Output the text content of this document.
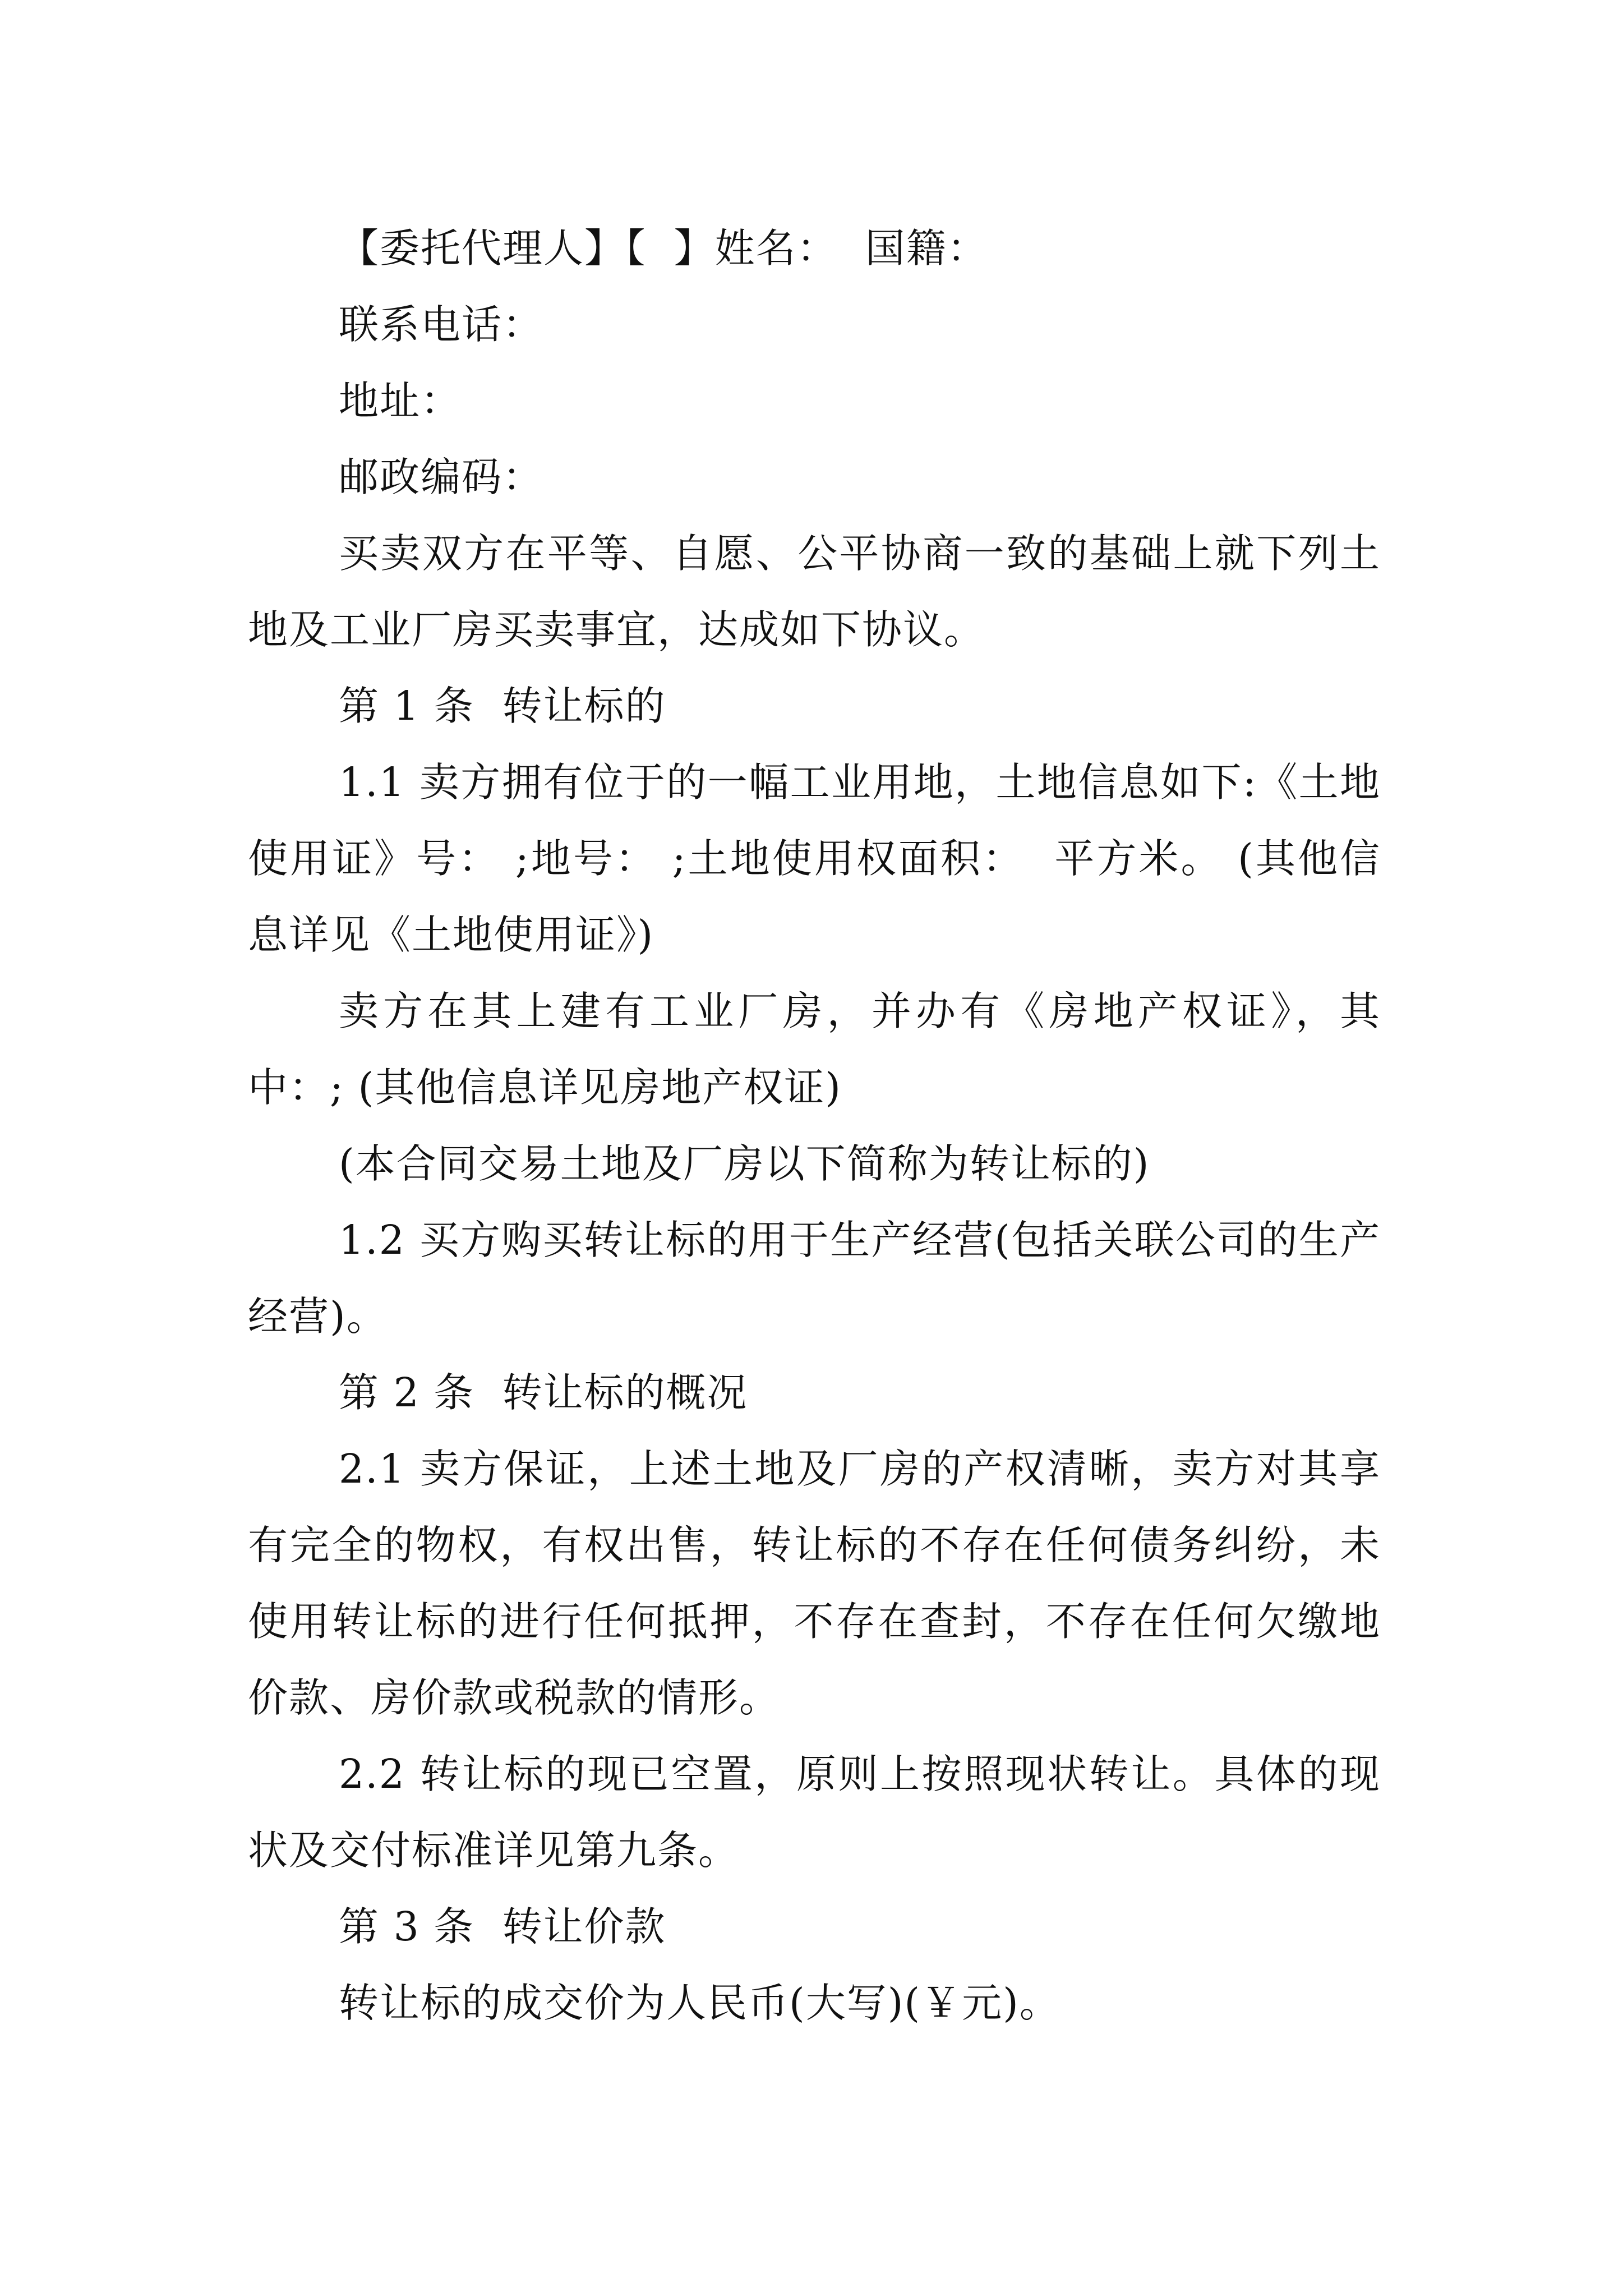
【委托代理人】【  】姓名：  国籍：

联系电话：

地址：

邮政编码：

买卖双方在平等、自愿、公平协商一致的基础上就下列土地及工业厂房买卖事宜，达成如下协议。

第 1 条  转让标的

1.1 卖方拥有位于的一幅工业用地，土地信息如下:《土地使用证》号： ;地号： ;土地使用权面积：  平方米。 (其他信息详见《土地使用证》)

卖方在其上建有工业厂房，并办有《房地产权证》，其中：; (其他信息详见房地产权证)

(本合同交易土地及厂房以下简称为转让标的)

1.2 买方购买转让标的用于生产经营(包括关联公司的生产经营)。

第 2 条  转让标的概况

2.1 卖方保证，上述土地及厂房的产权清晰，卖方对其享有完全的物权，有权出售，转让标的不存在任何债务纠纷，未使用转让标的进行任何抵押，不存在查封，不存在任何欠缴地价款、房价款或税款的情形。

2.2 转让标的现已空置，原则上按照现状转让。具体的现状及交付标准详见第九条。

第 3 条  转让价款

转让标的成交价为人民币(大写)(￥元)。
